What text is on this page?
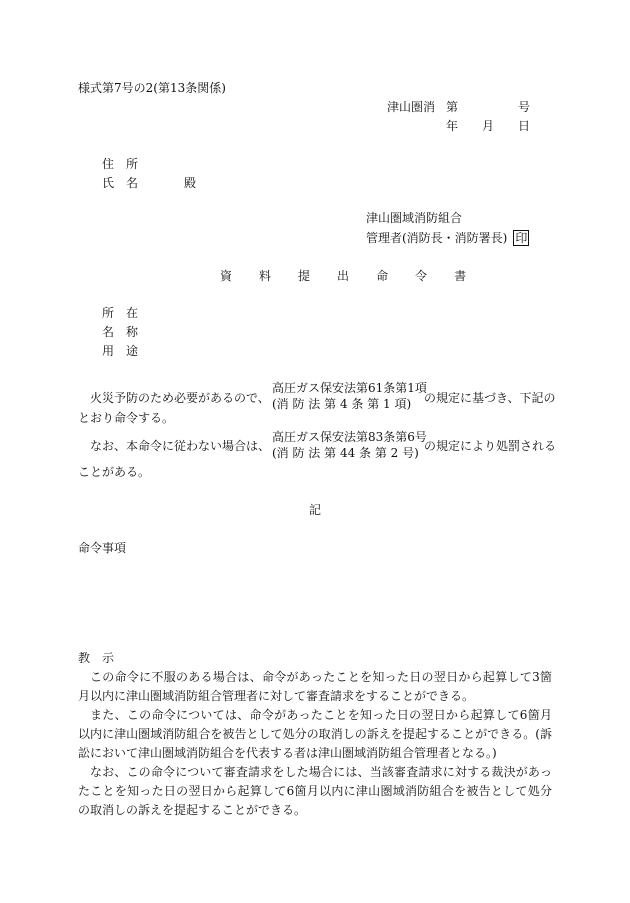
様式第7号の2(第13条関係)
津山圏消 第	号
年 月 日
住　所
氏　名	殿
津山圏域消防組合
管理者(消防長・消防署長) 印
資 料 提 出 命 令 書
所　在
名　称
用　途
火災予防のため必要があるので、
高圧ガス保安法第61条第1項
(消 防 法 第 4 条 第 1 項) の規定に基づき、下記の
とおり命令する。
なお、本命令に従わない場合は、
高圧ガス保安法第83条第6号
(消 防 法 第 44 条 第 2 号) の規定により処罰される
ことがある。
記
命令事項
教　示
この命令に不服のある場合は、命令があったことを知った日の翌日から起算して3箇月以内に津山圏域消防組合管理者に対して審査請求をすることができる。
また、この命令については、命令があったことを知った日の翌日から起算して6箇月以内に津山圏域消防組合を被告として処分の取消しの訴えを提起することができる。(訴訟において津山圏域消防組合を代表する者は津山圏域消防組合管理者となる。)
なお、この命令について審査請求をした場合には、当該審査請求に対する裁決があったことを知った日の翌日から起算して6箇月以内に津山圏域消防組合を被告として処分の取消しの訴えを提起することができる。
